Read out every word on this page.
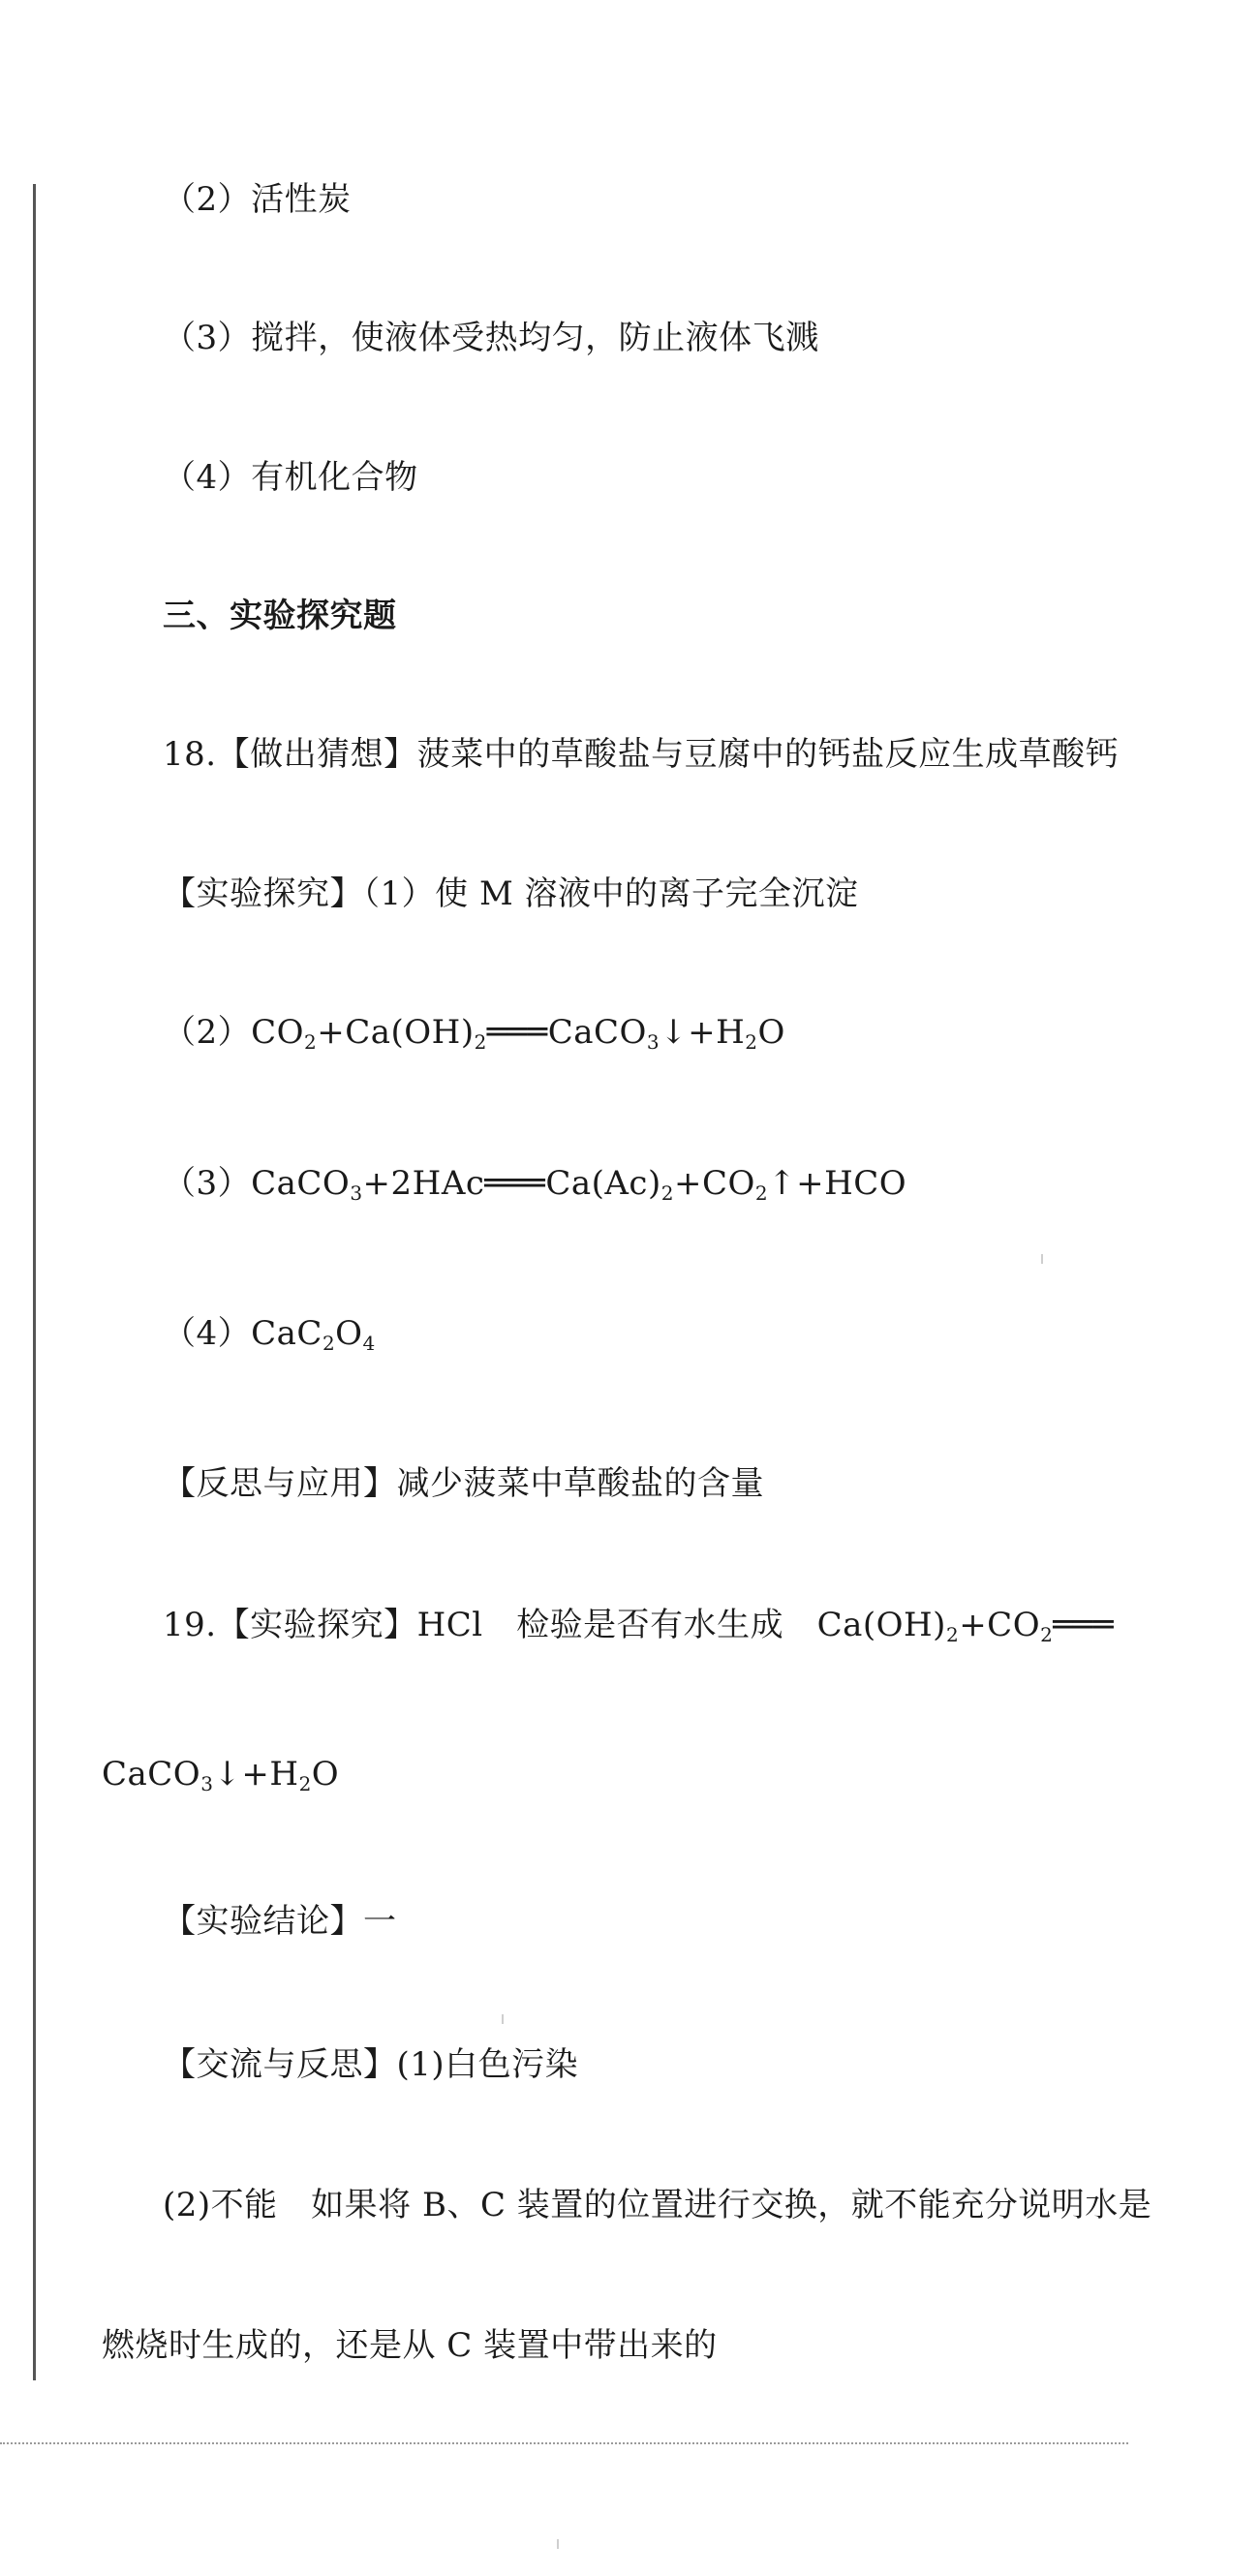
（2）活性炭
（3）搅拌，使液体受热均匀，防止液体飞溅
（4）有机化合物
三、实验探究题
18.【做出猜想】菠菜中的草酸盐与豆腐中的钙盐反应生成草酸钙
【实验探究】（1）使 M 溶液中的离子完全沉淀
$(2)CO_2+Ca(OH)_2═══CaCO_3↓+H_2O$
$(3)CaCO_3+2HAc═══Ca(Ac)_2+CO_2↑+HCO$
$(4)CaC_2O_4$
【反思与应用】减少菠菜中草酸盐的含量
19.【实验探究】HCl　检验是否有水生成　$Ca(OH)_2+CO_2═══$
$CaCO_3↓+H_2O$
【实验结论】一
【交流与反思】(1)白色污染
(2)不能　如果将 B、C 装置的位置进行交换，就不能充分说明水是
燃烧时生成的，还是从 C 装置中带出来的
